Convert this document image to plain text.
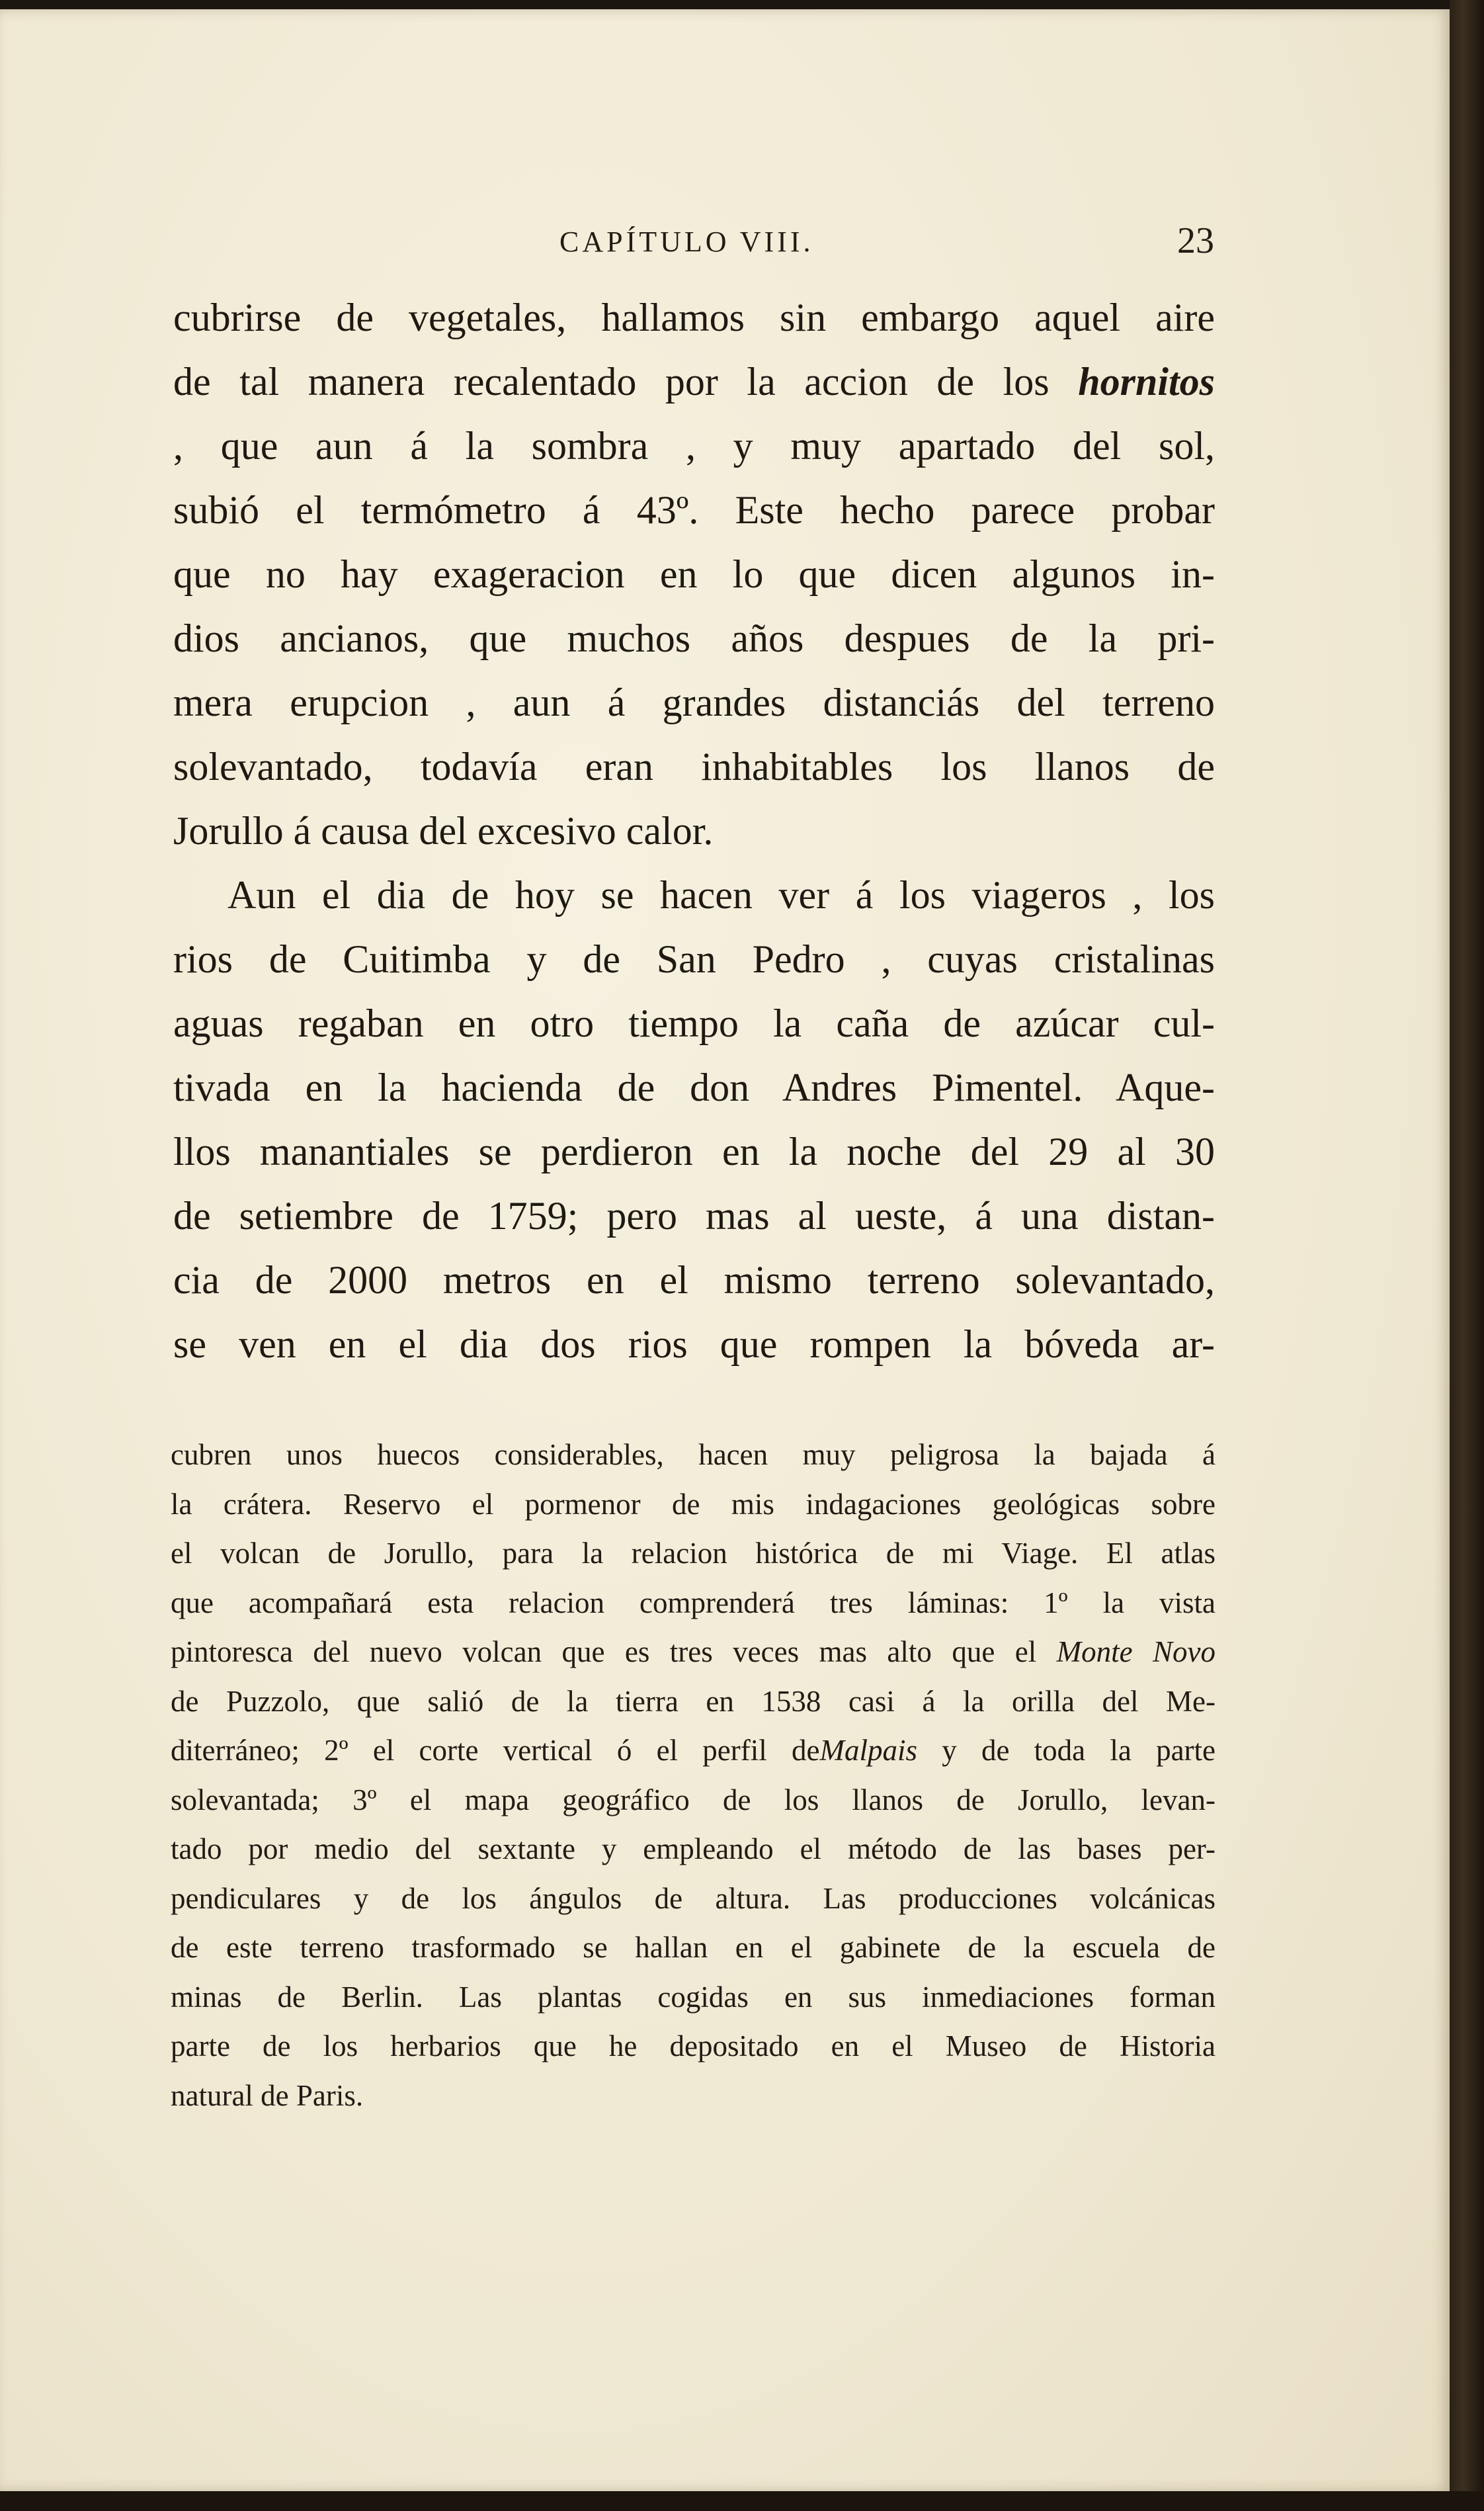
CAPÍTULO VIII.	23
cubrirse de vegetales, hallamos sin embargo aquel aire
de tal manera recalentado por la accion de los hornitos
, que aun á la sombra , y muy apartado del sol,
subió el termómetro á 43º. Este hecho parece probar
que no hay exageracion en lo que dicen algunos in-
dios ancianos, que muchos años despues de la pri-
mera erupcion , aun á grandes distanciás del terreno
solevantado, todavía eran inhabitables los llanos de
Jorullo á causa del excesivo calor.
Aun el dia de hoy se hacen ver á los viageros , los
rios de Cuitimba y de San Pedro , cuyas cristalinas
aguas regaban en otro tiempo la caña de azúcar cul-
tivada en la hacienda de don Andres Pimentel. Aque-
llos manantiales se perdieron en la noche del 29 al 30
de setiembre de 1759; pero mas al ueste, á una distan-
cia de 2000 metros en el mismo terreno solevantado,
se ven en el dia dos rios que rompen la bóveda ar-
cubren unos huecos considerables, hacen muy peligrosa la bajada á
la crátera. Reservo el pormenor de mis indagaciones geológicas sobre
el volcan de Jorullo, para la relacion histórica de mi Viage. El atlas
que acompañará esta relacion comprenderá tres láminas: 1º la vista
pintoresca del nuevo volcan que es tres veces mas alto que el Monte Novo
de Puzzolo, que salió de la tierra en 1538 casi á la orilla del Me-
diterráneo; 2º el corte vertical ó el perfil deMalpais y de toda la parte
solevantada; 3º el mapa geográfico de los llanos de Jorullo, levan-
tado por medio del sextante y empleando el método de las bases per-
pendiculares y de los ángulos de altura. Las producciones volcánicas
de este terreno trasformado se hallan en el gabinete de la escuela de
minas de Berlin. Las plantas cogidas en sus inmediaciones forman
parte de los herbarios que he depositado en el Museo de Historia
natural de Paris.
